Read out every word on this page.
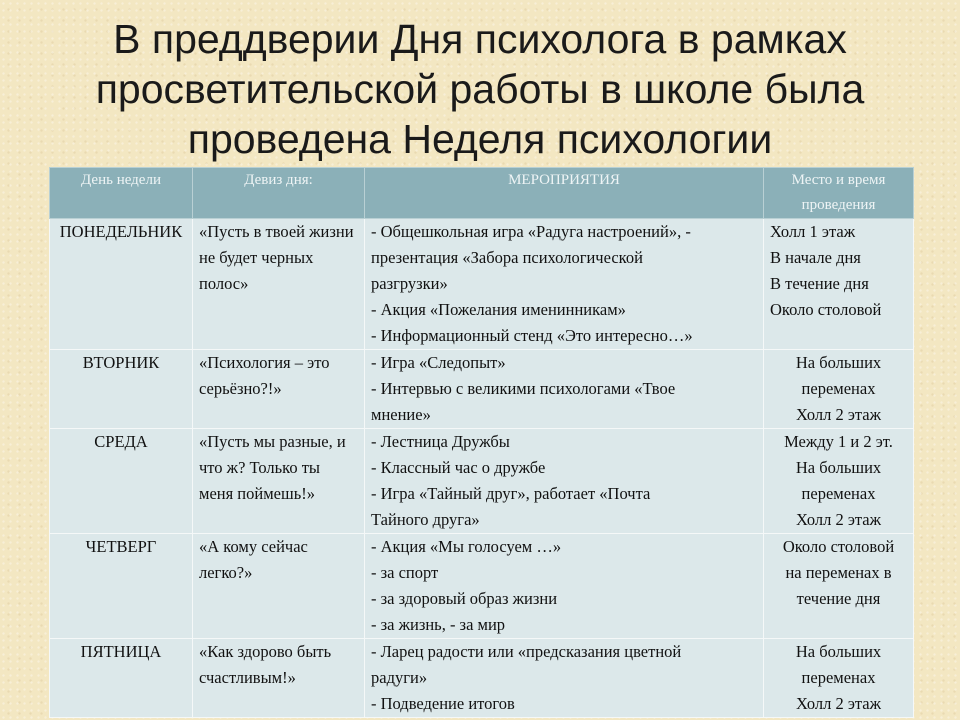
В преддверии Дня психолога в рамках
просветительской работы в школе была
проведена Неделя психологии
День недели	Девиз дня:	МЕРОПРИЯТИЯ	Место и время проведения
ПОНЕДЕЛЬНИК	«Пусть в твоей жизни не будет черных полос»	- Общешкольная игра «Радуга настроений», -
презентация «Забора психологической
разгрузки»
- Акция «Пожелания именинникам»
- Информационный стенд «Это интересно…»	Холл 1 этаж
В начале дня
В течение дня
Около столовой

ВТОРНИК	«Психология – это серьёзно?!»	- Игра «Следопыт»
- Интервью с великими психологами «Твое
мнение»	На больших
переменах
Холл 2 этаж

СРЕДА	«Пусть мы разные, и что ж? Только ты меня поймешь!»	- Лестница Дружбы
- Классный час о дружбе
- Игра «Тайный друг», работает «Почта
Тайного друга»	Между 1 и 2 эт.
На больших
переменах
Холл 2 этаж

ЧЕТВЕРГ	«А кому сейчас легко?»	- Акция «Мы голосуем …»
- за спорт
- за здоровый образ жизни
- за жизнь, - за мир	Около столовой
на переменах в
течение дня

ПЯТНИЦА	«Как здорово быть счастливым!»	- Ларец радости или «предсказания цветной
радуги»
- Подведение итогов	На больших
переменах
Холл 2 этаж
